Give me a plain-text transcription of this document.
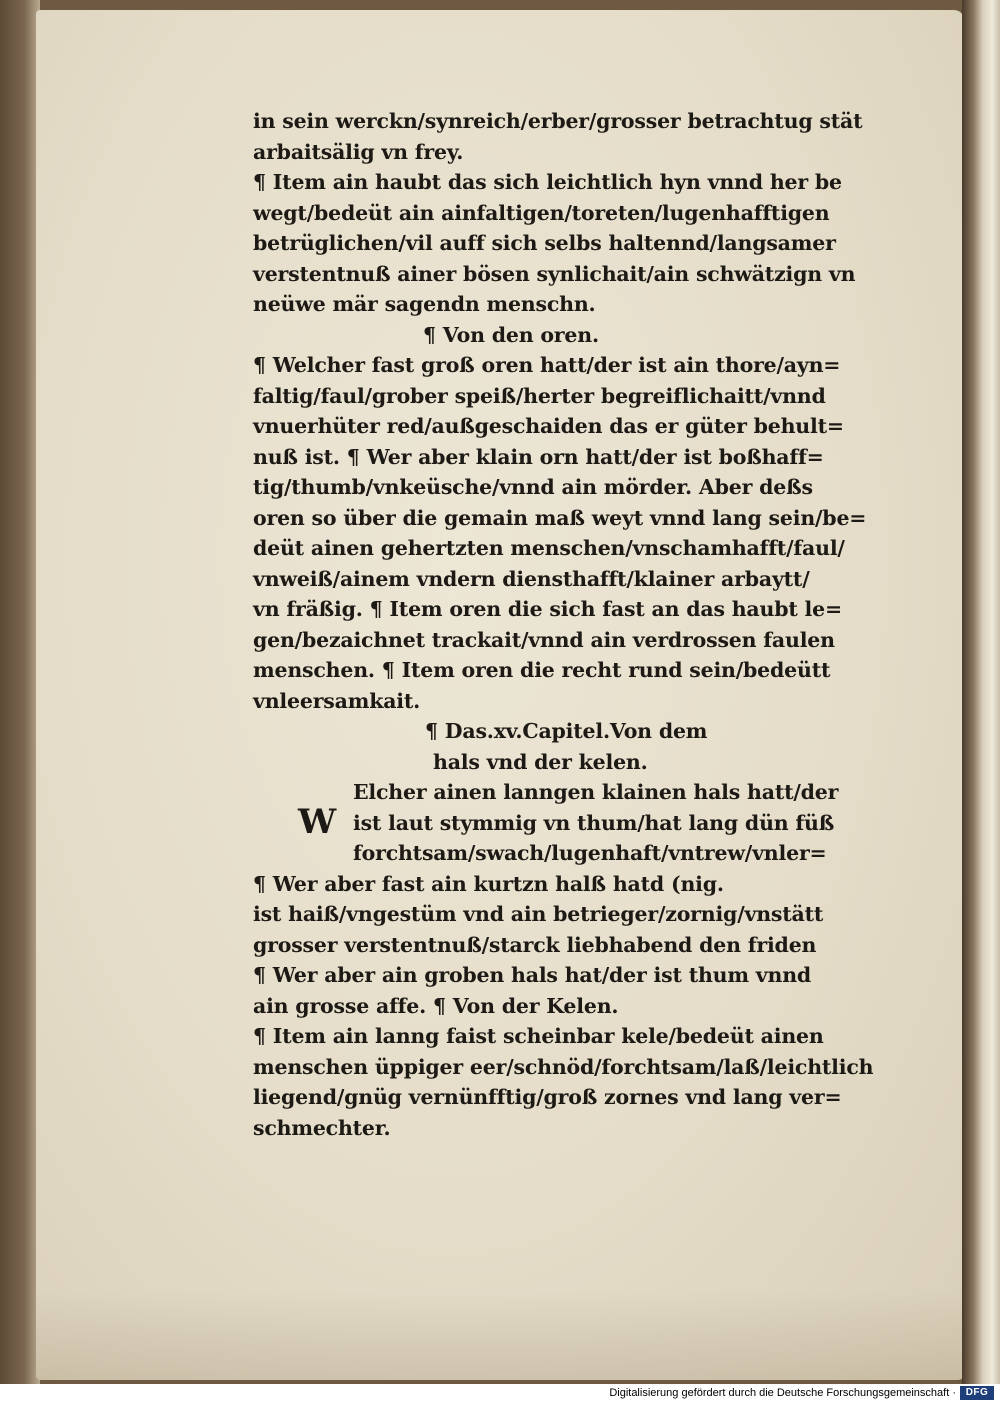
in sein werckn/synreich/erber/grosser betrachtug stät
arbaitsälig vn frey.
¶ Item ain haubt das sich leichtlich hyn vnnd her be
wegt/bedeüt ain ainfaltigen/toreten/lugenhafftigen
betrüglichen/vil auff sich selbs haltennd/langsamer
verstentnuß ainer bösen synlichait/ain schwätzign vn
neüwe mär sagendn menschn.
¶ Von den oren.
¶ Welcher fast groß oren hatt/der ist ain thore/ayn=
faltig/faul/grober speiß/herter begreiflichaitt/vnnd
vnuerhüter red/außgeschaiden das er güter behult=
nuß ist. ¶ Wer aber klain orn hatt/der ist boßhaff=
tig/thumb/vnkeüsche/vnnd ain mörder. Aber deßs
oren so über die gemain maß weyt vnnd lang sein/be=
deüt ainen gehertzten menschen/vnschamhafft/faul/
vnweiß/ainem vndern diensthafft/klainer arbaytt/
vn fräßig. ¶ Item oren die sich fast an das haubt le=
gen/bezaichnet trackait/vnnd ain verdrossen faulen
menschen. ¶ Item oren die recht rund sein/bedeütt
vnleersamkait.
¶ Das.xv.Capitel.Von dem
hals vnd der kelen.
W
Elcher ainen lanngen klainen hals hatt/der
ist laut stymmig vn thum/hat lang dün füß
forchtsam/swach/lugenhaft/vntrew/vnler=
¶ Wer aber fast ain kurtzn halß hatd (nig.
ist haiß/vngestüm vnd ain betrieger/zornig/vnstätt
grosser verstentnuß/starck liebhabend den friden
¶ Wer aber ain groben hals hat/der ist thum vnnd
ain grosse affe. ¶ Von der Kelen.
¶ Item ain lanng faist scheinbar kele/bedeüt ainen
menschen üppiger eer/schnöd/forchtsam/laß/leichtlich
liegend/gnüg vernünfftig/groß zornes vnd lang ver=
schmechter.
Digitalisierung gefördert durch die Deutsche Forschungsgemeinschaft · DFG
